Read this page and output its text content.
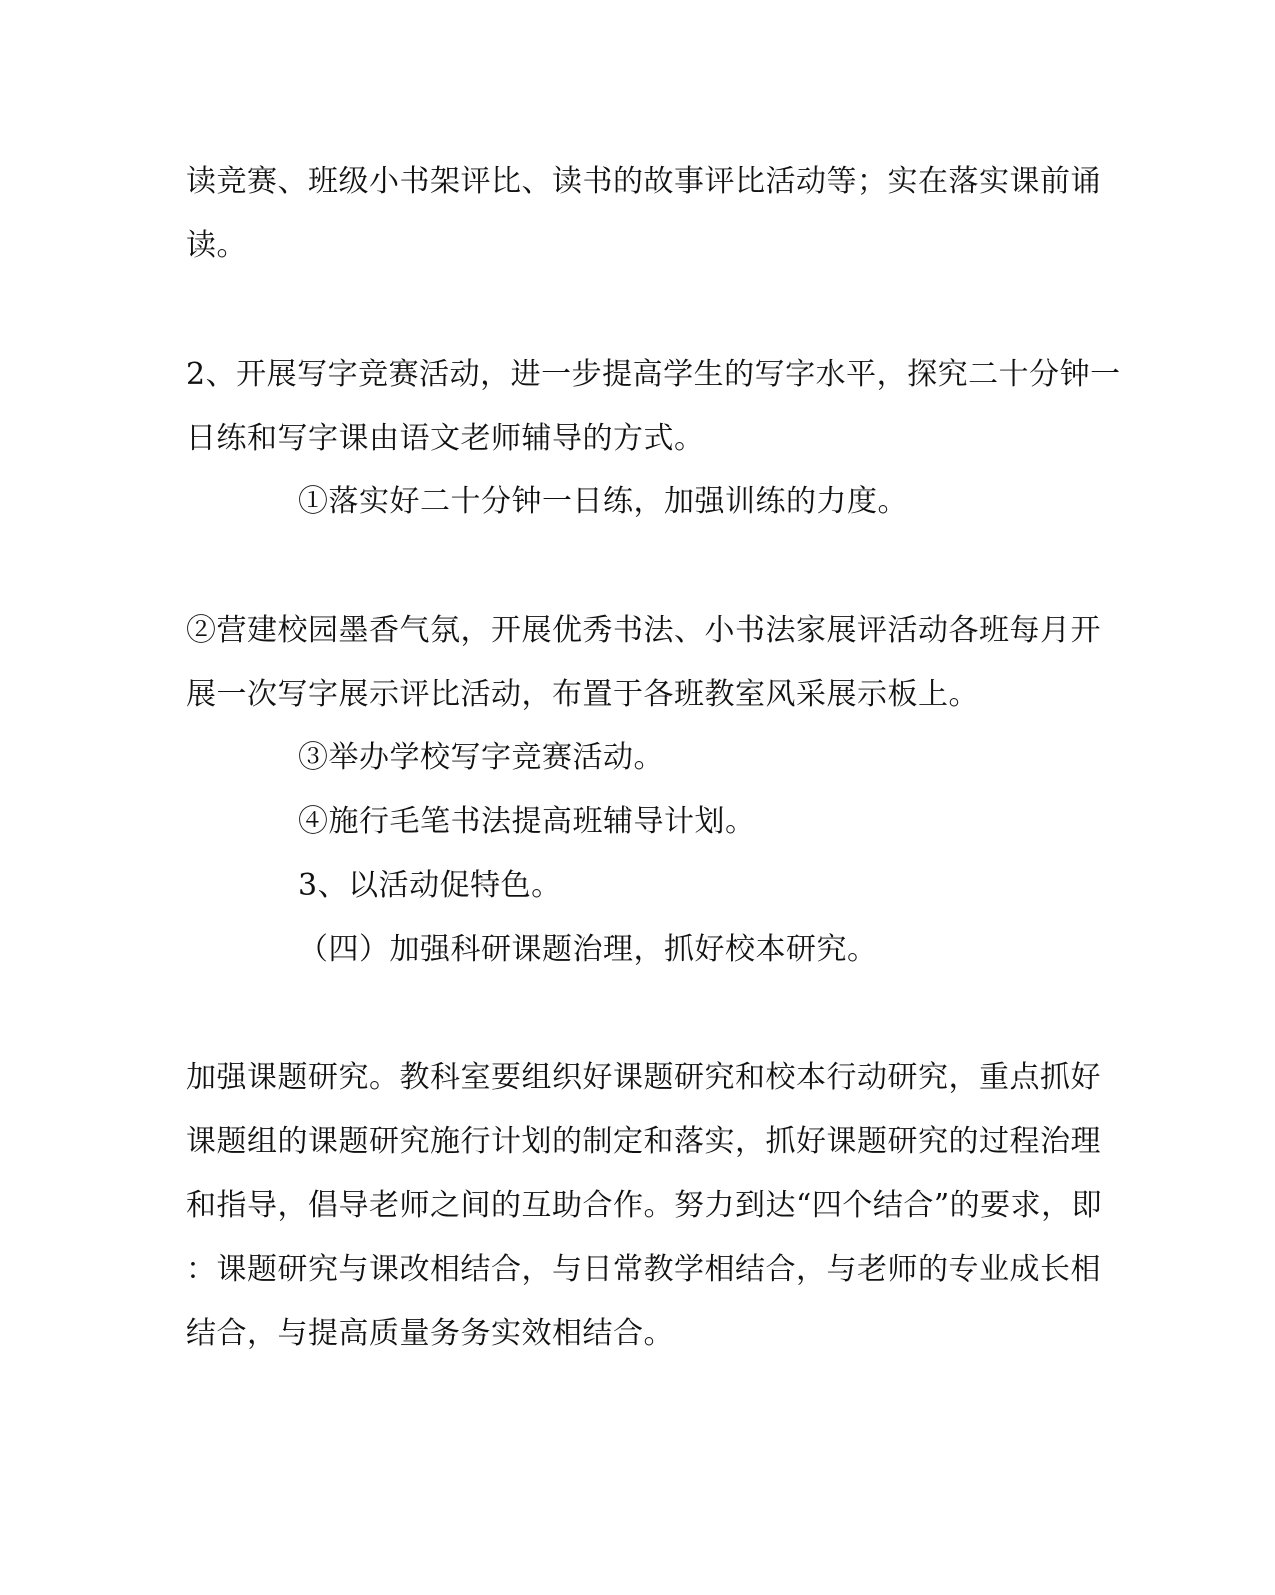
读竞赛、班级小书架评比、读书的故事评比活动等；实在落实课前诵
读。
2、开展写字竞赛活动，进一步提高学生的写字水平，探究二十分钟一
日练和写字课由语文老师辅导的方式。
①落实好二十分钟一日练，加强训练的力度。
②营建校园墨香气氛，开展优秀书法、小书法家展评活动各班每月开
展一次写字展示评比活动，布置于各班教室风采展示板上。
③举办学校写字竞赛活动。
④施行毛笔书法提高班辅导计划。
3、以活动促特色。
（四）加强科研课题治理，抓好校本研究。
加强课题研究。教科室要组织好课题研究和校本行动研究，重点抓好
课题组的课题研究施行计划的制定和落实，抓好课题研究的过程治理
和指导，倡导老师之间的互助合作。努力到达“四个结合”的要求，即
：课题研究与课改相结合，与日常教学相结合，与老师的专业成长相
结合，与提高质量务务实效相结合。
